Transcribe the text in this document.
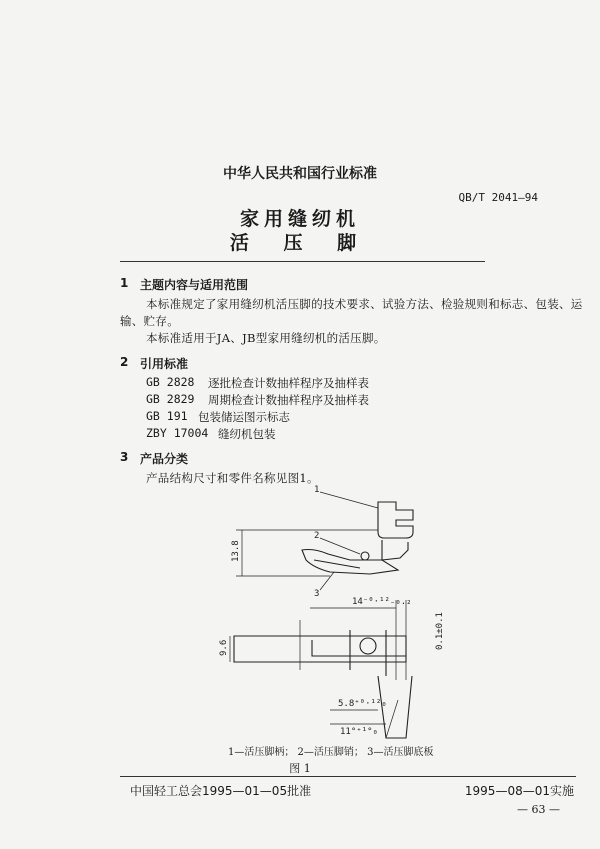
中华人民共和国行业标准
QB/T 2041—94
家用缝纫机
活 压 脚
1 主题内容与适用范围
本标准规定了家用缝纫机活压脚的技术要求、试验方法、检验规则和标志、包装、运
输、贮存。
本标准适用于JA、JB型家用缝纫机的活压脚。
2 引用标准
GB 2828 逐批检查计数抽样程序及抽样表
GB 2829 周期检查计数抽样程序及抽样表
GB 191 包装储运图示标志
ZBY 17004 缝纫机包装
3 产品分类
产品结构尺寸和零件名称见图1。
1
2
3
13.8
14⁻⁰·¹²₋₀.₂
0.1±0.1
9.6
5.8⁺⁰·¹²₀
11°⁺¹°₀
1—活压脚柄； 2—活压脚销； 3—活压脚底板
图 1
中国轻工总会1995—01—05批准	1995—08—01实施
— 63 —
